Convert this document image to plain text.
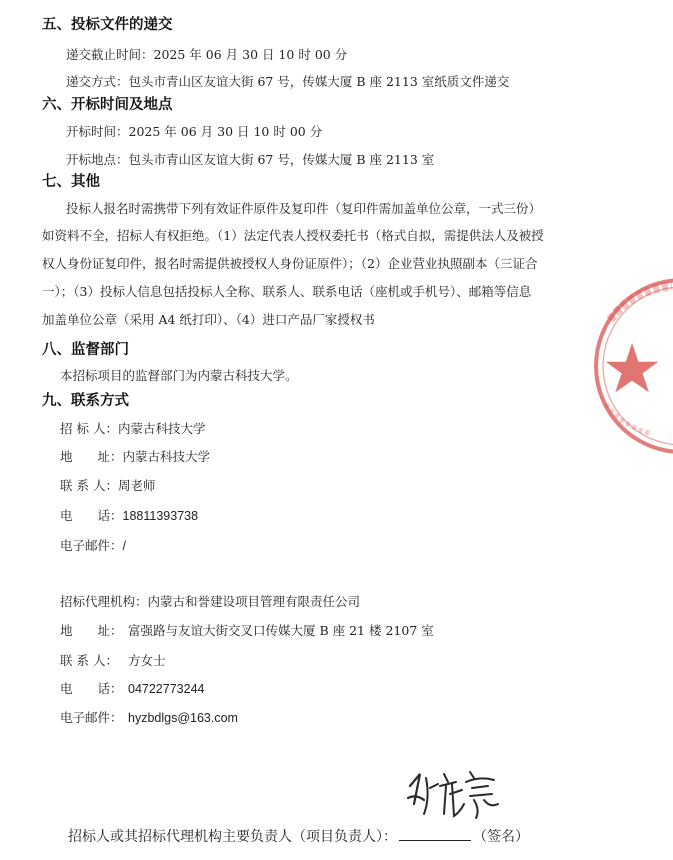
五、投标文件的递交
递交截止时间：2025 年 06 月 30 日 10 时 00 分
递交方式：包头市青山区友谊大街 67 号，传媒大厦 B 座 2113 室纸质文件递交
六、开标时间及地点
开标时间：2025 年 06 月 30 日 10 时 00 分
开标地点：包头市青山区友谊大街 67 号，传媒大厦 B 座 2113 室
七、其他
投标人报名时需携带下列有效证件原件及复印件（复印件需加盖单位公章，一式三份）
如资料不全，招标人有权拒绝。（1）法定代表人授权委托书（格式自拟，需提供法人及被授
权人身份证复印件，报名时需提供被授权人身份证原件）；（2）企业营业执照副本（三证合
一）；（3）投标人信息包括投标人全称、联系人、联系电话（座机或手机号）、邮箱等信息
加盖单位公章（采用 A4 纸打印）、（4）进口产品厂家授权书
八、监督部门
本招标项目的监督部门为内蒙古科技大学。
九、联系方式
招 标 人：内蒙古科技大学
地　　址：内蒙古科技大学
联 系 人：周老师
电　　话：18811393738
电子邮件：/
招标代理机构：内蒙古和誉建设项目管理有限责任公司
地　　址： 富强路与友谊大街交叉口传媒大厦 B 座 21 楼 2107 室
联 系 人： 方女士
电　　话： 04722773244
电子邮件： hyzbdlgs@163.com
招标人或其招标代理机构主要负责人（项目负责人）：	（签名）
